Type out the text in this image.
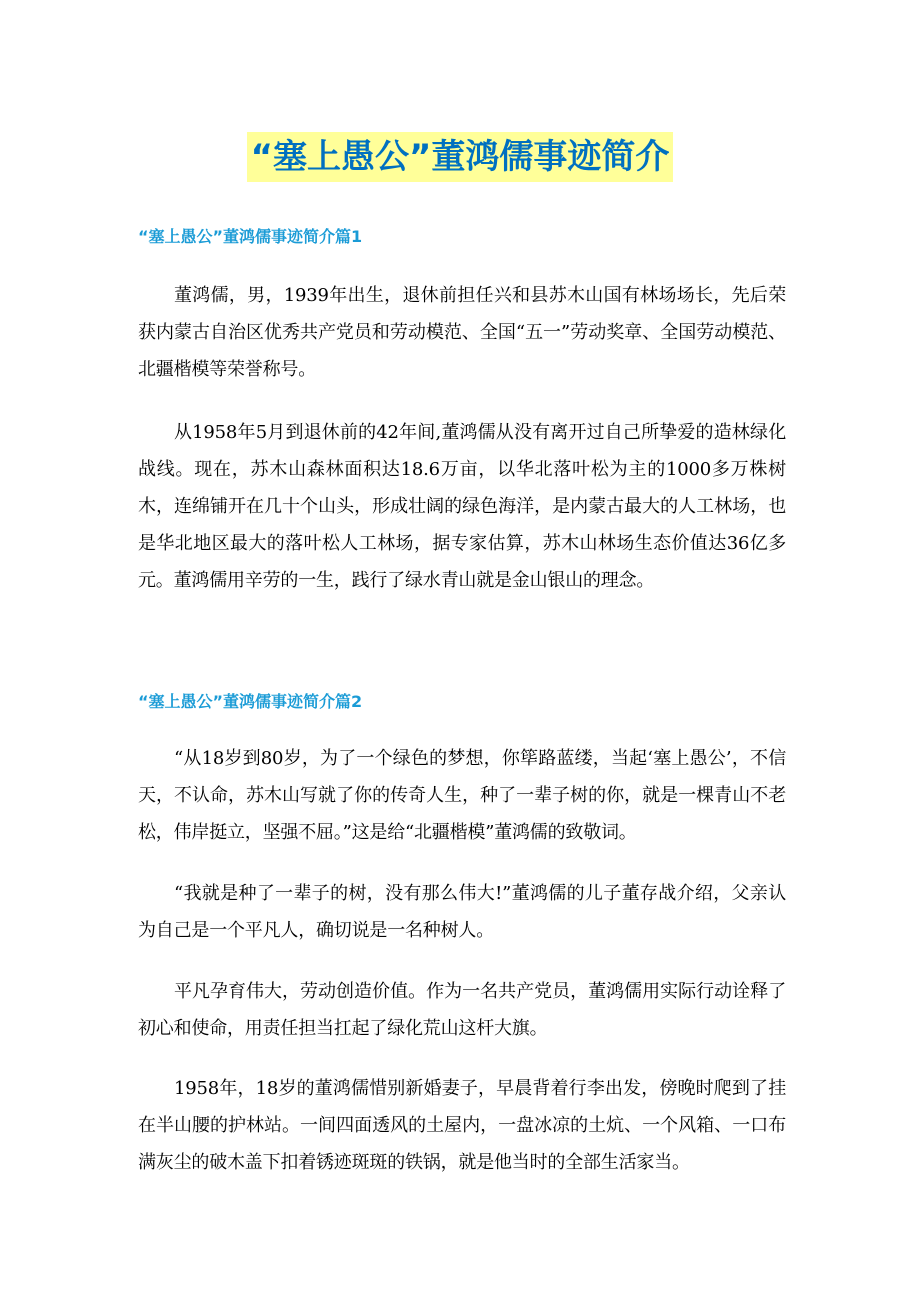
“塞上愚公”董鸿儒事迹简介
“塞上愚公”董鸿儒事迹简介篇1

董鸿儒，男，1939年出生，退休前担任兴和县苏木山国有林场场长，先后荣获内蒙古自治区优秀共产党员和劳动模范、全国“五一”劳动奖章、全国劳动模范、北疆楷模等荣誉称号。

从1958年5月到退休前的42年间,董鸿儒从没有离开过自己所挚爱的造林绿化战线。现在，苏木山森林面积达18.6万亩，以华北落叶松为主的1000多万株树木，连绵铺开在几十个山头，形成壮阔的绿色海洋，是内蒙古最大的人工林场，也是华北地区最大的落叶松人工林场，据专家估算，苏木山林场生态价值达36亿多元。董鸿儒用辛劳的一生，践行了绿水青山就是金山银山的理念。

“塞上愚公”董鸿儒事迹简介篇2

“从18岁到80岁，为了一个绿色的梦想，你筚路蓝缕，当起‘塞上愚公’，不信天，不认命，苏木山写就了你的传奇人生，种了一辈子树的你，就是一棵青山不老松，伟岸挺立，坚强不屈。”这是给“北疆楷模”董鸿儒的致敬词。

“我就是种了一辈子的树，没有那么伟大!”董鸿儒的儿子董存战介绍，父亲认为自己是一个平凡人，确切说是一名种树人。

平凡孕育伟大，劳动创造价值。作为一名共产党员，董鸿儒用实际行动诠释了初心和使命，用责任担当扛起了绿化荒山这杆大旗。

1958年，18岁的董鸿儒惜别新婚妻子，早晨背着行李出发，傍晚时爬到了挂在半山腰的护林站。一间四面透风的土屋内，一盘冰凉的土炕、一个风箱、一口布满灰尘的破木盖下扣着锈迹斑斑的铁锅，就是他当时的全部生活家当。
